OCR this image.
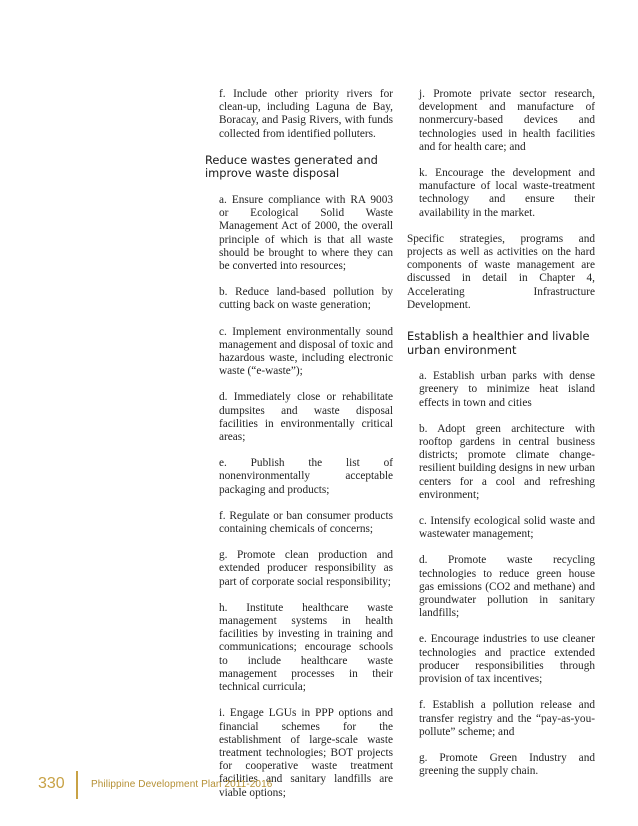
f. Include other priority rivers for clean-up, including Laguna de Bay, Boracay, and Pasig Rivers, with funds collected from identified polluters.

Reduce wastes generated and improve waste disposal

a. Ensure compliance with RA 9003 or Ecological Solid Waste Management Act of 2000, the overall principle of which is that all waste should be brought to where they can be converted into resources;

b. Reduce land-based pollution by cutting back on waste generation;

c. Implement environmentally sound management and disposal of toxic and hazardous waste, including electronic waste (“e-waste”);

d. Immediately close or rehabilitate dumpsites and waste disposal facilities in environmentally critical areas;

e. Publish the list of nonenvironmentally acceptable packaging and products;

f. Regulate or ban consumer products containing chemicals of concerns;

g. Promote clean production and extended producer responsibility as part of corporate social responsibility;

h. Institute healthcare waste management systems in health facilities by investing in training and communications; encourage schools to include healthcare waste management processes in their technical curricula;

i. Engage LGUs in PPP options and financial schemes for the establishment of large-scale waste treatment technologies; BOT projects for cooperative waste treatment facilities and sanitary landfills are viable options;

j. Promote private sector research, development and manufacture of nonmercury-based devices and technologies used in health facilities and for health care; and

k. Encourage the development and manufacture of local waste-treatment technology and ensure their availability in the market.

Specific strategies, programs and projects as well as activities on the hard components of waste management are discussed in detail in Chapter 4, Accelerating Infrastructure Development.

Establish a healthier and livable urban environment

a. Establish urban parks with dense greenery to minimize heat island effects in town and cities

b. Adopt green architecture with rooftop gardens in central business districts; promote climate change-resilient building designs in new urban centers for a cool and refreshing environment;

c. Intensify ecological solid waste and wastewater management;

d. Promote waste recycling technologies to reduce green house gas emissions (CO2 and methane) and groundwater pollution in sanitary landfills;

e. Encourage industries to use cleaner technologies and practice extended producer responsibilities through provision of tax incentives;

f. Establish a pollution release and transfer registry and the “pay-as-you-pollute” scheme; and

g. Promote Green Industry and greening the supply chain.

330	Philippine Development Plan 2011-2016
